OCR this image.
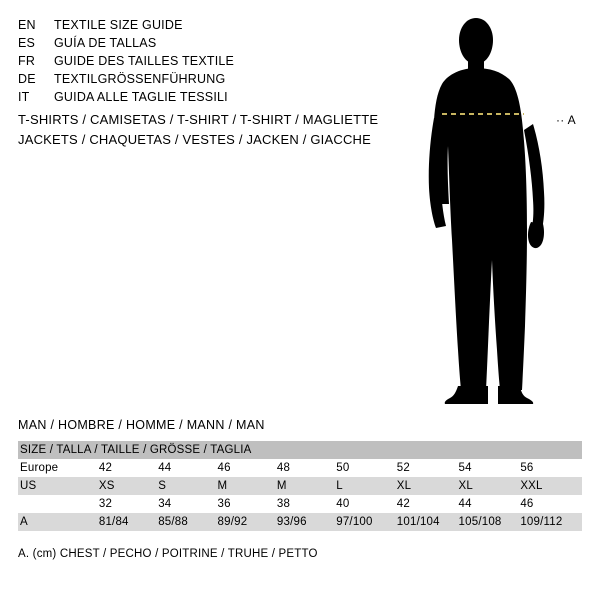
EN	TEXTILE SIZE GUIDE
ES	GUÍA DE TALLAS
FR	GUIDE DES TAILLES TEXTILE
DE	TEXTILGRÖSSENFÜHRUNG
IT	GUIDA ALLE TAGLIE TESSILI
T-SHIRTS / CAMISETAS / T-SHIRT / T-SHIRT / MAGLIETTE
JACKETS / CHAQUETAS / VESTES / JACKEN / GIACCHE
·· A
MAN / HOMBRE / HOMME / MANN / MAN
SIZE / TALLA / TAILLE / GRÖSSE / TAGLIA								
Europe	42	44	46	48	50	52	54	56
US	XS	S	M	M	L	XL	XL	XXL
	32	34	36	38	40	42	44	46
A	81/84	85/88	89/92	93/96	97/100	101/104	105/108	109/112
A. (cm) CHEST / PECHO / POITRINE / TRUHE / PETTO
